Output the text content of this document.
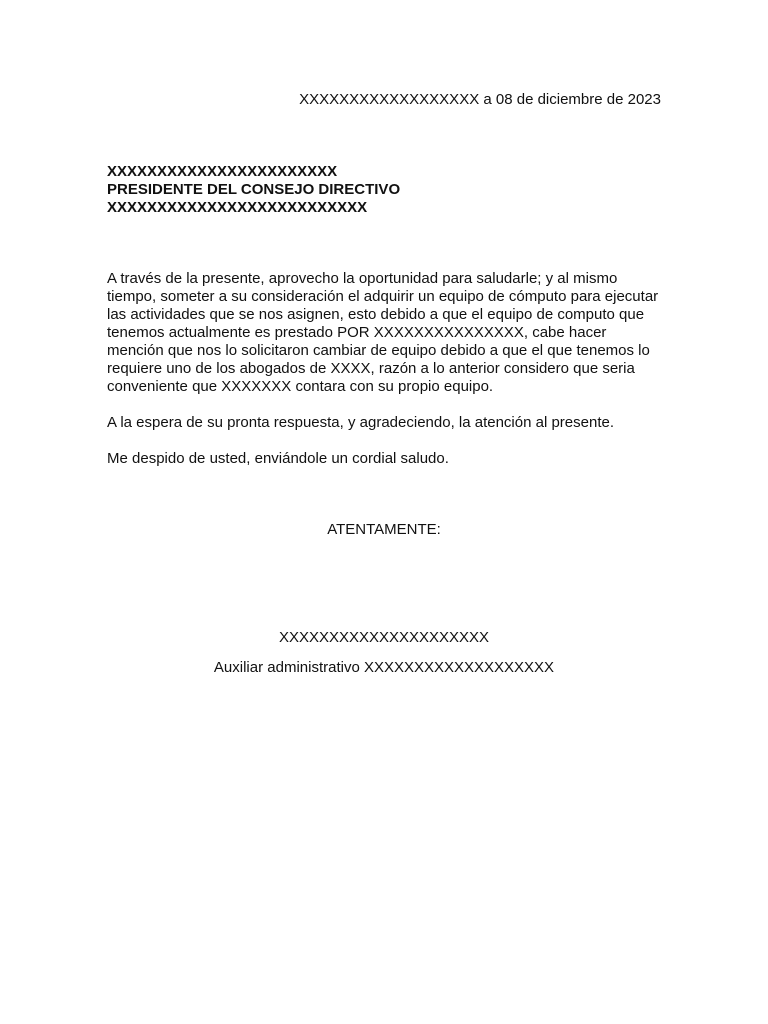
XXXXXXXXXXXXXXXXXX a 08 de diciembre de 2023
XXXXXXXXXXXXXXXXXXXXXXX
PRESIDENTE DEL CONSEJO DIRECTIVO
XXXXXXXXXXXXXXXXXXXXXXXXXX
A través de la presente, aprovecho la oportunidad para saludarle; y al mismo
tiempo, someter a su consideración el adquirir un equipo de cómputo para ejecutar
las actividades que se nos asignen, esto debido a que el equipo de computo que
tenemos actualmente es prestado POR XXXXXXXXXXXXXXX, cabe hacer
mención que nos lo solicitaron cambiar de equipo debido a que el que tenemos lo
requiere uno de los abogados de XXXX, razón a lo anterior considero que seria
conveniente que XXXXXXX contara con su propio equipo.
A la espera de su pronta respuesta, y agradeciendo, la atención al presente.
Me despido de usted, enviándole un cordial saludo.
ATENTAMENTE:
XXXXXXXXXXXXXXXXXXXXX
Auxiliar administrativo XXXXXXXXXXXXXXXXXXX
